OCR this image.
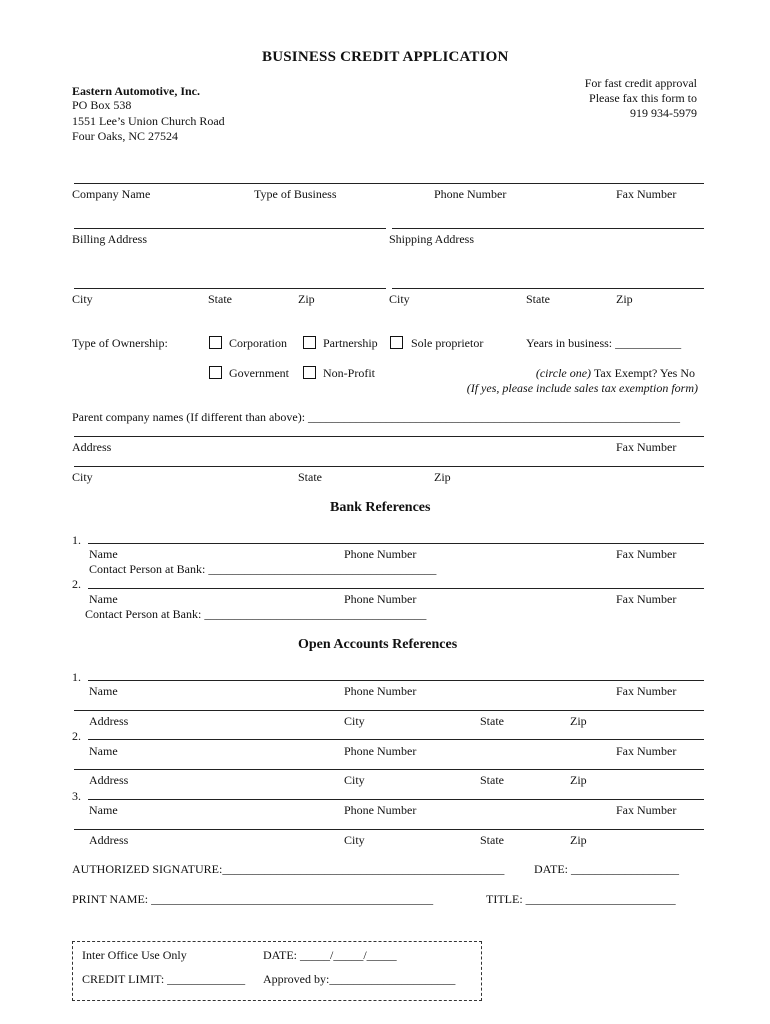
BUSINESS CREDIT APPLICATION
Eastern Automotive, Inc.
PO Box 538
1551 Lee’s Union Church Road
Four Oaks, NC 27524
For fast credit approval
Please fax this form to
919 934-5979
Company Name	Type of Business	Phone Number	Fax Number
Billing Address	Shipping Address
City	State	Zip	City	State	Zip
Type of Ownership:	Corporation	Partnership	Sole proprietor	Years in business: ___________
Government	Non-Profit	(circle one) Tax Exempt? Yes No
(If yes, please include sales tax exemption form)
Parent company names (If different than above): ______________________________________________________________
Address	Fax Number
City	State	Zip
Bank References
1.
Name	Phone Number	Fax Number
Contact Person at Bank: ______________________________________
2.
Name	Phone Number	Fax Number
Contact Person at Bank: _____________________________________
Open Accounts References
1.
Name	Phone Number	Fax Number
Address	City	State	Zip
2.
Name	Phone Number	Fax Number
Address	City	State	Zip
3.
Name	Phone Number	Fax Number
Address	City	State	Zip
AUTHORIZED SIGNATURE:_______________________________________________ DATE: __________________
PRINT NAME: _______________________________________________	TITLE: _________________________
Inter Office Use Only	DATE: _____/_____/_____
CREDIT LIMIT: _____________ Approved by:_____________________
